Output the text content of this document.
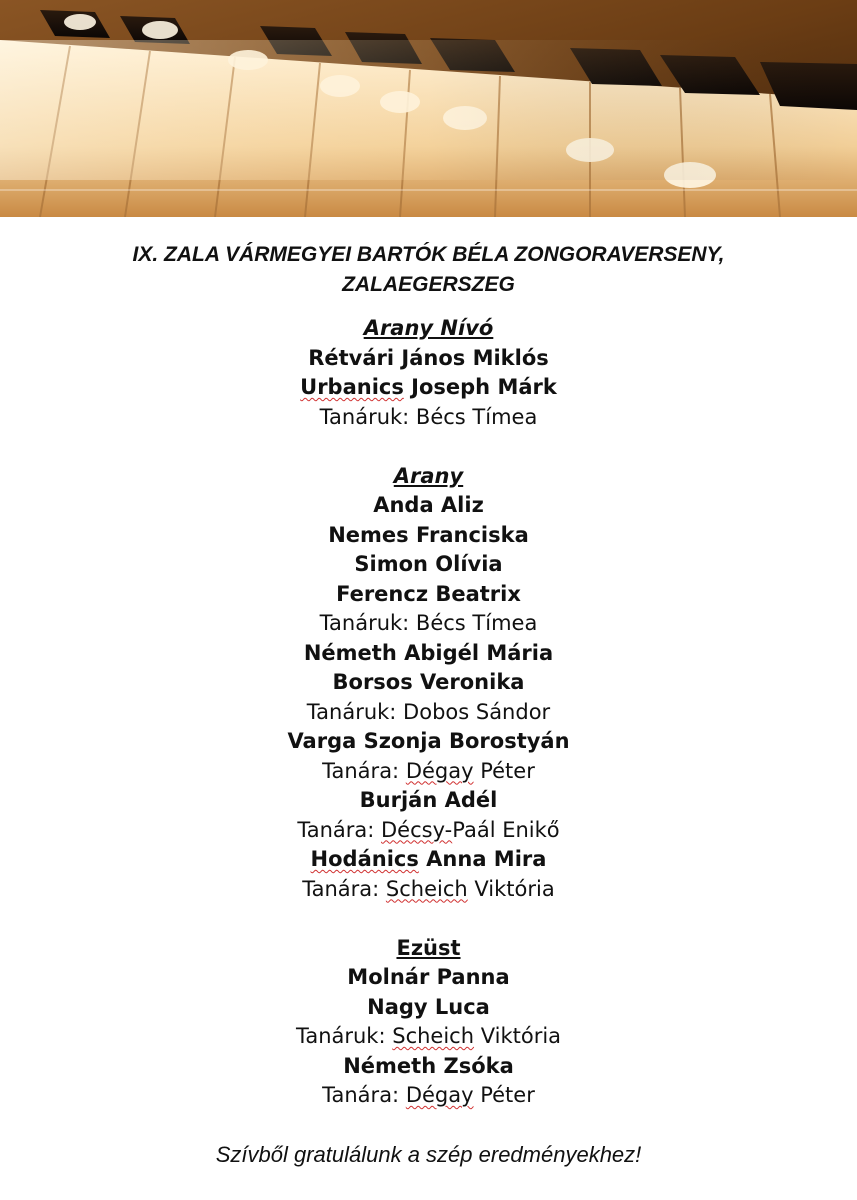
IX. ZALA VÁRMEGYEI BARTÓK BÉLA ZONGORAVERSENY,
ZALAEGERSZEG
Arany Nívó
Rétvári János Miklós
Urbanics Joseph Márk
Tanáruk: Bécs Tímea
Arany
Anda Aliz
Nemes Franciska
Simon Olívia
Ferencz Beatrix
Tanáruk: Bécs Tímea
Németh Abigél Mária
Borsos Veronika
Tanáruk: Dobos Sándor
Varga Szonja Borostyán
Tanára: Dégay Péter
Burján Adél
Tanára: Décsy-Paál Enikő
Hodánics Anna Mira
Tanára: Scheich Viktória
Ezüst
Molnár Panna
Nagy Luca
Tanáruk: Scheich Viktória
Németh Zsóka
Tanára: Dégay Péter
Szívből gratulálunk a szép eredményekhez!
